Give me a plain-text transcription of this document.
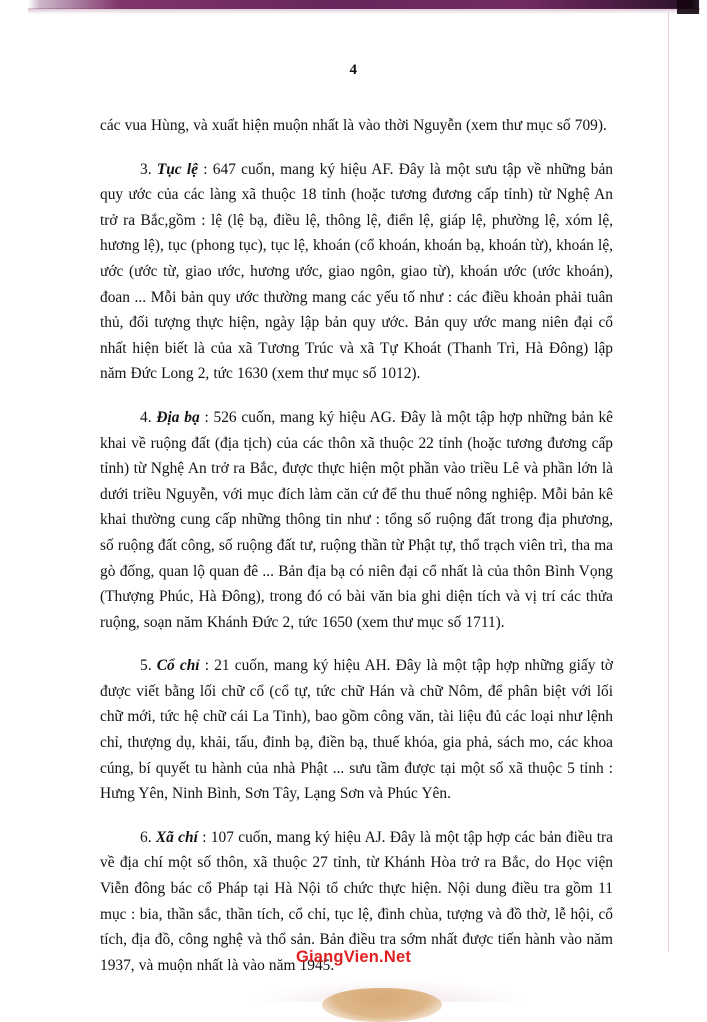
4

các vua Hùng, và xuất hiện muộn nhất là vào thời Nguyễn (xem thư mục số 709).

3. Tục lệ : 647 cuốn, mang ký hiệu AF. Đây là một sưu tập về những bản quy ước của các làng xã thuộc 18 tỉnh (hoặc tương đương cấp tỉnh) từ Nghệ An trở ra Bắc,gồm : lệ (lệ bạ, điều lệ, thông lệ, điển lệ, giáp lệ, phường lệ, xóm lệ, hương lệ), tục (phong tục), tục lệ, khoán (cổ khoán, khoán bạ, khoán từ), khoán lệ, ước (ước từ, giao ước, hương ước, giao ngôn, giao từ), khoán ước (ước khoán), đoan ... Mỗi bản quy ước thường mang các yếu tố như : các điều khoản phải tuân thủ, đối tượng thực hiện, ngày lập bản quy ước. Bản quy ước mang niên đại cổ nhất hiện biết là của xã Tương Trúc và xã Tự Khoát (Thanh Trì, Hà Đông) lập năm Đức Long 2, tức 1630 (xem thư mục số 1012).

4. Địa bạ : 526 cuốn, mang ký hiệu AG. Đây là một tập hợp những bản kê khai về ruộng đất (địa tịch) của các thôn xã thuộc 22 tỉnh (hoặc tương đương cấp tỉnh) từ Nghệ An trở ra Bắc, được thực hiện một phần vào triều Lê và phần lớn là dưới triều Nguyễn, với mục đích làm căn cứ để thu thuế nông nghiệp. Mỗi bản kê khai thường cung cấp những thông tin như : tổng số ruộng đất trong địa phương, số ruộng đất công, số ruộng đất tư, ruộng thần từ Phật tự, thổ trạch viên trì, tha ma gò đống, quan lộ quan đê ... Bản địa bạ có niên đại cổ nhất là của thôn Bình Vọng (Thượng Phúc, Hà Đông), trong đó có bài văn bia ghi diện tích và vị trí các thửa ruộng, soạn năm Khánh Đức 2, tức 1650 (xem thư mục số 1711).

5. Cổ chỉ : 21 cuốn, mang ký hiệu AH. Đây là một tập hợp những giấy tờ được viết bằng lối chữ cổ (cổ tự, tức chữ Hán và chữ Nôm, để phân biệt với lối chữ mới, tức hệ chữ cái La Tinh), bao gồm công văn, tài liệu đủ các loại như lệnh chỉ, thượng dụ, khải, tấu, đinh bạ, điền bạ, thuế khóa, gia phả, sách mo, các khoa cúng, bí quyết tu hành của nhà Phật ... sưu tầm được tại một số xã thuộc 5 tỉnh : Hưng Yên, Ninh Bình, Sơn Tây, Lạng Sơn và Phúc Yên.

6. Xã chí : 107 cuốn, mang ký hiệu AJ. Đây là một tập hợp các bản điều tra về địa chí một số thôn, xã thuộc 27 tỉnh, từ Khánh Hòa trở ra Bắc, do Học viện Viễn đông bác cổ Pháp tại Hà Nội tổ chức thực hiện. Nội dung điều tra gồm 11 mục : bia, thần sắc, thần tích, cổ chỉ, tục lệ, đình chùa, tượng và đồ thờ, lễ hội, cổ tích, địa đồ, công nghệ và thổ sản. Bản điều tra sớm nhất được tiến hành vào năm 1937, và muộn nhất là vào năm 1945.

GiangVien.Net
